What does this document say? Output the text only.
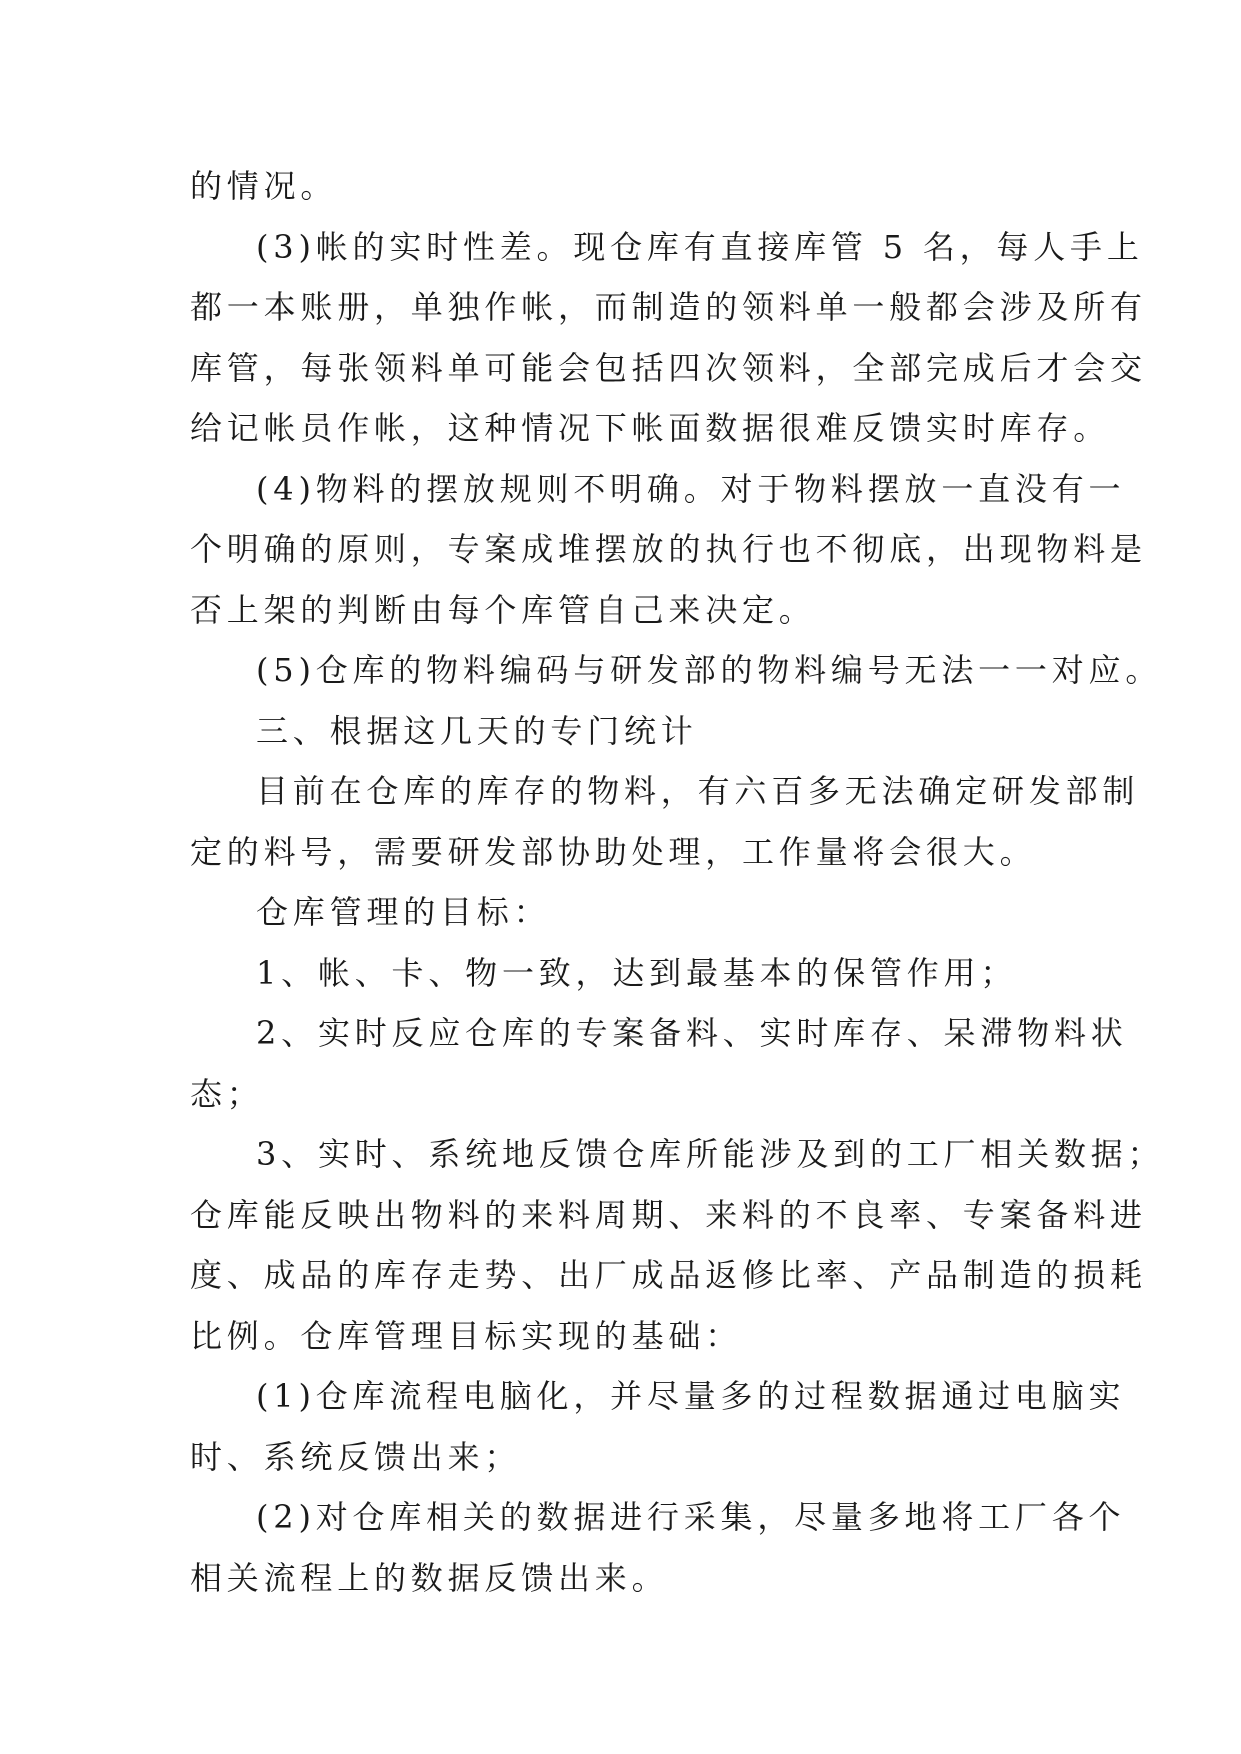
的情况。
(3)帐的实时性差。现仓库有直接库管 5 名，每人手上
都一本账册，单独作帐，而制造的领料单一般都会涉及所有
库管，每张领料单可能会包括四次领料，全部完成后才会交
给记帐员作帐，这种情况下帐面数据很难反馈实时库存。
(4)物料的摆放规则不明确。对于物料摆放一直没有一
个明确的原则，专案成堆摆放的执行也不彻底，出现物料是
否上架的判断由每个库管自己来决定。
(5)仓库的物料编码与研发部的物料编号无法一一对应。
三、根据这几天的专门统计
目前在仓库的库存的物料，有六百多无法确定研发部制
定的料号，需要研发部协助处理，工作量将会很大。
仓库管理的目标：
1、帐、卡、物一致，达到最基本的保管作用；
2、实时反应仓库的专案备料、实时库存、呆滞物料状
态；
3、实时、系统地反馈仓库所能涉及到的工厂相关数据；
仓库能反映出物料的来料周期、来料的不良率、专案备料进
度、成品的库存走势、出厂成品返修比率、产品制造的损耗
比例。仓库管理目标实现的基础：
(1)仓库流程电脑化，并尽量多的过程数据通过电脑实
时、系统反馈出来；
(2)对仓库相关的数据进行采集，尽量多地将工厂各个
相关流程上的数据反馈出来。
